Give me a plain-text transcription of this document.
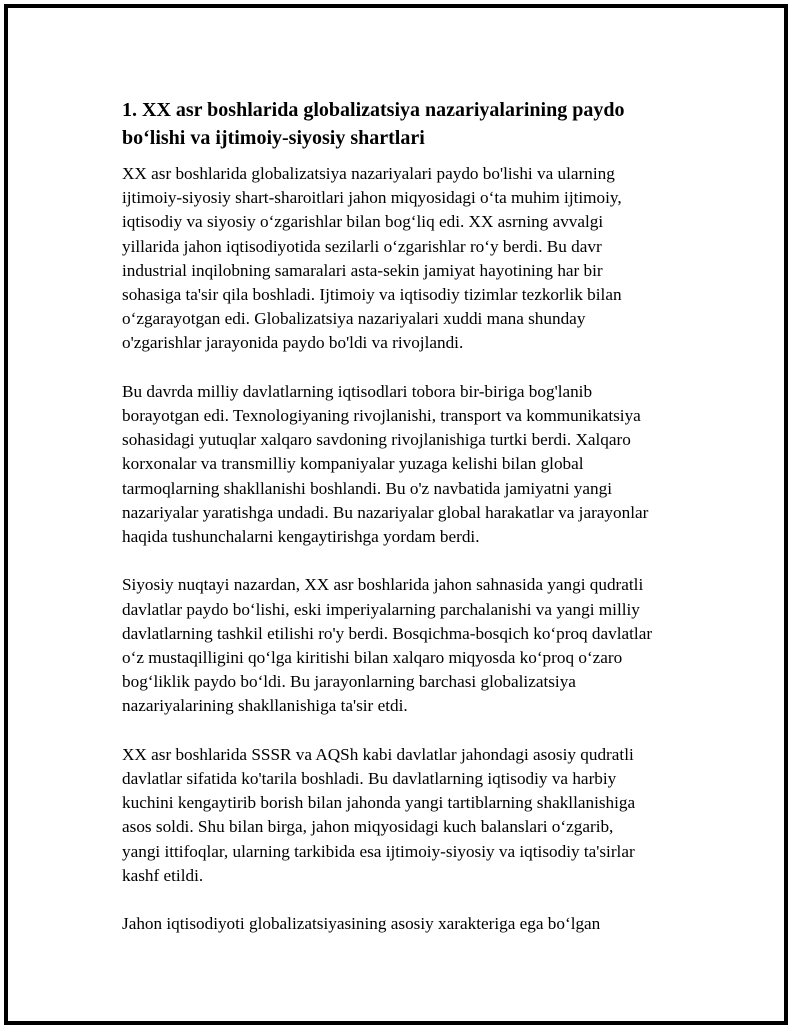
1. XX asr boshlarida globalizatsiya nazariyalarining paydo
bo‘lishi va ijtimoiy-siyosiy shartlari

XX asr boshlarida globalizatsiya nazariyalari paydo bo'lishi va ularning
ijtimoiy-siyosiy shart-sharoitlari jahon miqyosidagi o‘ta muhim ijtimoiy,
iqtisodiy va siyosiy o‘zgarishlar bilan bog‘liq edi. XX asrning avvalgi
yillarida jahon iqtisodiyotida sezilarli o‘zgarishlar ro‘y berdi. Bu davr
industrial inqilobning samaralari asta-sekin jamiyat hayotining har bir
sohasiga ta'sir qila boshladi. Ijtimoiy va iqtisodiy tizimlar tezkorlik bilan
o‘zgarayotgan edi. Globalizatsiya nazariyalari xuddi mana shunday
o'zgarishlar jarayonida paydo bo'ldi va rivojlandi.

Bu davrda milliy davlatlarning iqtisodlari tobora bir-biriga bog'lanib
borayotgan edi. Texnologiyaning rivojlanishi, transport va kommunikatsiya
sohasidagi yutuqlar xalqaro savdoning rivojlanishiga turtki berdi. Xalqaro
korxonalar va transmilliy kompaniyalar yuzaga kelishi bilan global
tarmoqlarning shakllanishi boshlandi. Bu o'z navbatida jamiyatni yangi
nazariyalar yaratishga undadi. Bu nazariyalar global harakatlar va jarayonlar
haqida tushunchalarni kengaytirishga yordam berdi.

Siyosiy nuqtayi nazardan, XX asr boshlarida jahon sahnasida yangi qudratli
davlatlar paydo bo‘lishi, eski imperiyalarning parchalanishi va yangi milliy
davlatlarning tashkil etilishi ro'y berdi. Bosqichma-bosqich ko‘proq davlatlar
o‘z mustaqilligini qo‘lga kiritishi bilan xalqaro miqyosda ko‘proq o‘zaro
bog‘liklik paydo bo‘ldi. Bu jarayonlarning barchasi globalizatsiya
nazariyalarining shakllanishiga ta'sir etdi.

XX asr boshlarida SSSR va AQSh kabi davlatlar jahondagi asosiy qudratli
davlatlar sifatida ko'tarila boshladi. Bu davlatlarning iqtisodiy va harbiy
kuchini kengaytirib borish bilan jahonda yangi tartiblarning shakllanishiga
asos soldi. Shu bilan birga, jahon miqyosidagi kuch balanslari o‘zgarib,
yangi ittifoqlar, ularning tarkibida esa ijtimoiy-siyosiy va iqtisodiy ta'sirlar
kashf etildi.

Jahon iqtisodiyoti globalizatsiyasining asosiy xarakteriga ega bo‘lgan
